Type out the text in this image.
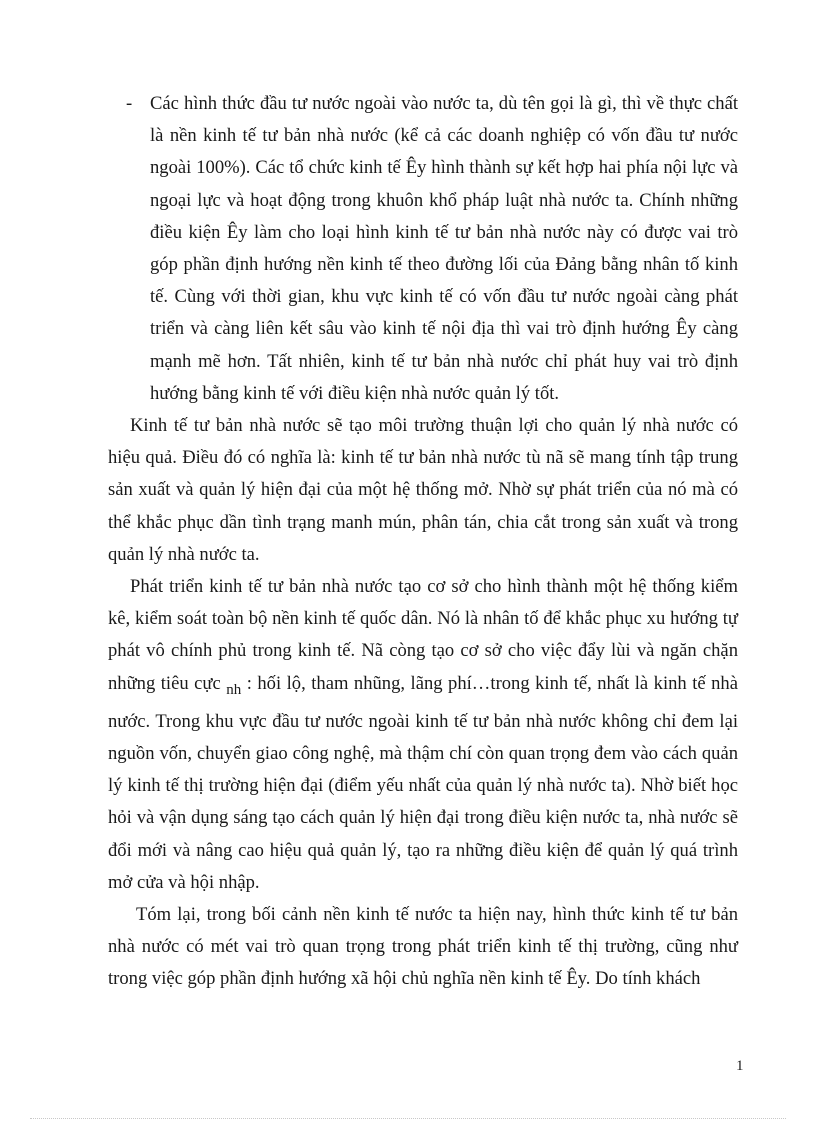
- Các hình thức đầu tư nước ngoài vào nước ta, dù tên gọi là gì, thì về thực chất là nền kinh tế tư bản nhà nước (kể cả các doanh nghiệp có vốn đầu tư nước ngoài 100%). Các tổ chức kinh tế Êy hình thành sự kết hợp hai phía nội lực và ngoại lực và hoạt động trong khuôn khổ pháp luật nhà nước ta. Chính những điều kiện Êy làm cho loại hình kinh tế tư bản nhà nước này có được vai trò góp phần định hướng nền kinh tế theo đường lối của Đảng bằng nhân tố kinh tế. Cùng với thời gian, khu vực kinh tế có vốn đầu tư nước ngoài càng phát triển và càng liên kết sâu vào kinh tế nội địa thì vai trò định hướng Êy càng mạnh mẽ hơn. Tất nhiên, kinh tế tư bản nhà nước chỉ phát huy vai trò định hướng bằng kinh tế với điều kiện nhà nước quản lý tốt.

Kinh tế tư bản nhà nước sẽ tạo môi trường thuận lợi cho quản lý nhà nước có hiệu quả. Điều đó có nghĩa là: kinh tế tư bản nhà nước tù nã sẽ mang tính tập trung sản xuất và quản lý hiện đại của một hệ thống mở. Nhờ sự phát triển của nó mà có thể khắc phục dần tình trạng manh mún, phân tán, chia cắt trong sản xuất và trong quản lý nhà nước ta.

Phát triển kinh tế tư bản nhà nước tạo cơ sở cho hình thành một hệ thống kiểm kê, kiểm soát toàn bộ nền kinh tế quốc dân. Nó là nhân tố để khắc phục xu hướng tự phát vô chính phủ trong kinh tế. Nã còng tạo cơ sở cho việc đẩy lùi và ngăn chặn những tiêu cực $_{nh}$ : hối lộ, tham nhũng, lãng phí…trong kinh tế, nhất là kinh tế nhà nước. Trong khu vực đầu tư nước ngoài kinh tế tư bản nhà nước không chỉ đem lại nguồn vốn, chuyển giao công nghệ, mà thậm chí còn quan trọng đem vào cách quản lý kinh tế thị trường hiện đại (điểm yếu nhất của quản lý nhà nước ta). Nhờ biết học hỏi và vận dụng sáng tạo cách quản lý hiện đại trong điều kiện nước ta, nhà nước sẽ đổi mới và nâng cao hiệu quả quản lý, tạo ra những điều kiện để quản lý quá trình mở cửa và hội nhập.

Tóm lại, trong bối cảnh nền kinh tế nước ta hiện nay, hình thức kinh tế tư bản nhà nước có mét vai trò quan trọng trong phát triển kinh tế thị trường, cũng như trong việc góp phần định hướng xã hội chủ nghĩa nền kinh tế Êy. Do tính khách

1
